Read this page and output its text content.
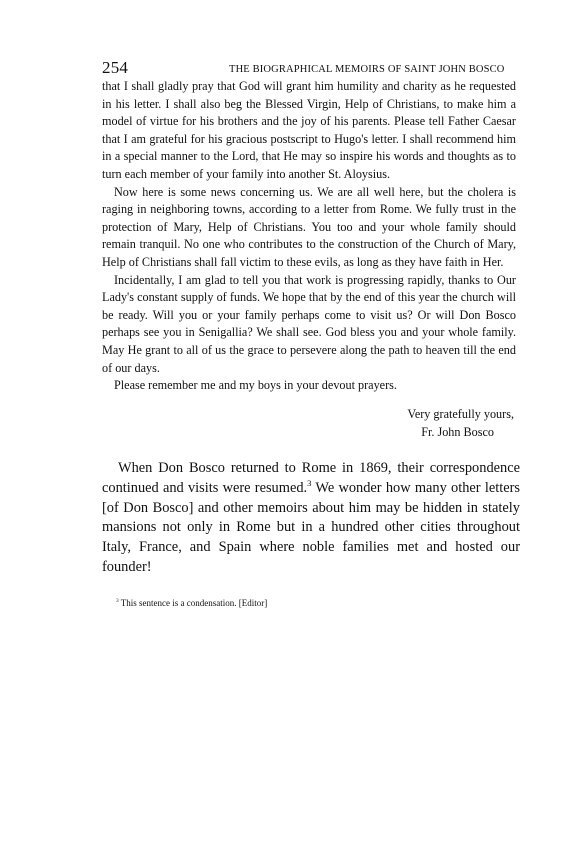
254	THE BIOGRAPHICAL MEMOIRS OF SAINT JOHN BOSCO

that I shall gladly pray that God will grant him humility and charity as he requested in his letter. I shall also beg the Blessed Virgin, Help of Christians, to make him a model of virtue for his brothers and the joy of his parents. Please tell Father Caesar that I am grateful for his gracious postscript to Hugo's letter. I shall recommend him in a special manner to the Lord, that He may so inspire his words and thoughts as to turn each member of your family into another St. Aloysius.

Now here is some news concerning us. We are all well here, but the cholera is raging in neighboring towns, according to a letter from Rome. We fully trust in the protection of Mary, Help of Christians. You too and your whole family should remain tranquil. No one who contributes to the construction of the Church of Mary, Help of Christians shall fall victim to these evils, as long as they have faith in Her.

Incidentally, I am glad to tell you that work is progressing rapidly, thanks to Our Lady's constant supply of funds. We hope that by the end of this year the church will be ready. Will you or your family perhaps come to visit us? Or will Don Bosco perhaps see you in Senigallia? We shall see. God bless you and your whole family. May He grant to all of us the grace to persevere along the path to heaven till the end of our days.

Please remember me and my boys in your devout prayers.

Very gratefully yours,
Fr. John Bosco

When Don Bosco returned to Rome in 1869, their correspondence continued and visits were resumed.$^3$ We wonder how many other letters [of Don Bosco] and other memoirs about him may be hidden in stately mansions not only in Rome but in a hundred other cities throughout Italy, France, and Spain where noble families met and hosted our founder!

$^3$ This sentence is a condensation. [Editor]
